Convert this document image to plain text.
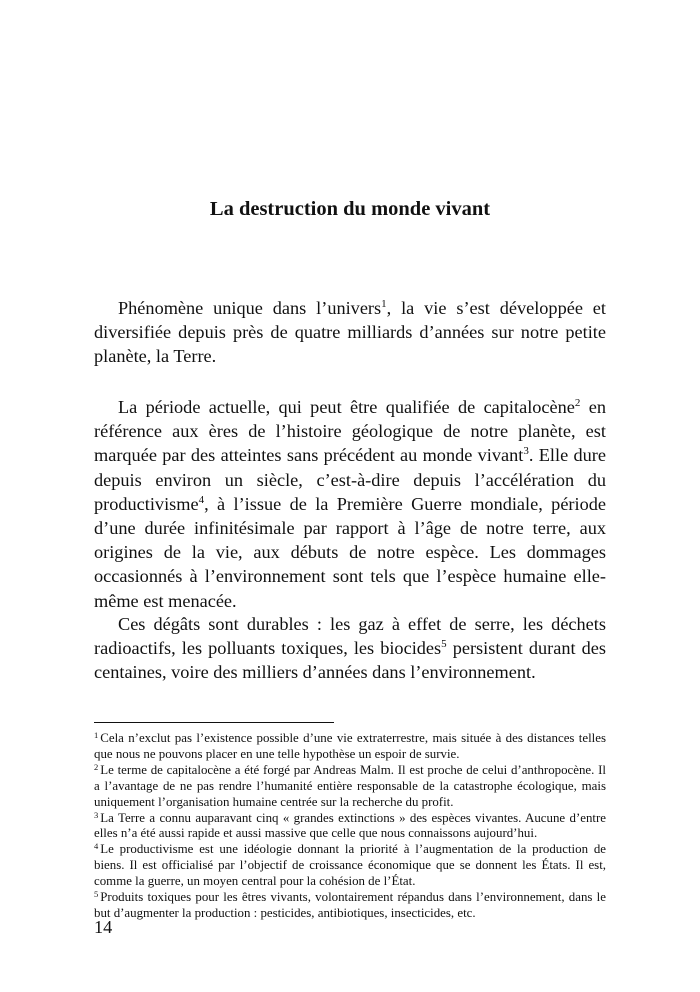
La destruction du monde vivant

Phénomène unique dans l’univers$^1$, la vie s’est développée et diversifiée depuis près de quatre milliards d’années sur notre petite planète, la Terre.

La période actuelle, qui peut être qualifiée de capitalocène$^2$ en référence aux ères de l’histoire géologique de notre planète, est marquée par des atteintes sans précédent au monde vivant$^3$. Elle dure depuis environ un siècle, c’est-à-dire depuis l’accélération du productivisme$^4$, à l’issue de la Première Guerre mondiale, période d’une durée infinitésimale par rapport à l’âge de notre terre, aux origines de la vie, aux débuts de notre espèce. Les dommages occasionnés à l’environnement sont tels que l’espèce humaine elle-même est menacée.

Ces dégâts sont durables : les gaz à effet de serre, les déchets radioactifs, les polluants toxiques, les biocides$^5$ persistent durant des centaines, voire des milliers d’années dans l’environnement.

$^1$ Cela n’exclut pas l’existence possible d’une vie extraterrestre, mais située à des distances telles que nous ne pouvons placer en une telle hypothèse un espoir de survie.

$^2$ Le terme de capitalocène a été forgé par Andreas Malm. Il est proche de celui d’anthropocène. Il a l’avantage de ne pas rendre l’humanité entière responsable de la catastrophe écologique, mais uniquement l’organisation humaine centrée sur la recherche du profit.

$^3$ La Terre a connu auparavant cinq « grandes extinctions » des espèces vivantes. Aucune d’entre elles n’a été aussi rapide et aussi massive que celle que nous connaissons aujourd’hui.

$^4$ Le productivisme est une idéologie donnant la priorité à l’augmentation de la production de biens. Il est officialisé par l’objectif de croissance économique que se donnent les États. Il est, comme la guerre, un moyen central pour la cohésion de l’État.

$^5$ Produits toxiques pour les êtres vivants, volontairement répandus dans l’environnement, dans le but d’augmenter la production : pesticides, antibiotiques, insecticides, etc.

14
